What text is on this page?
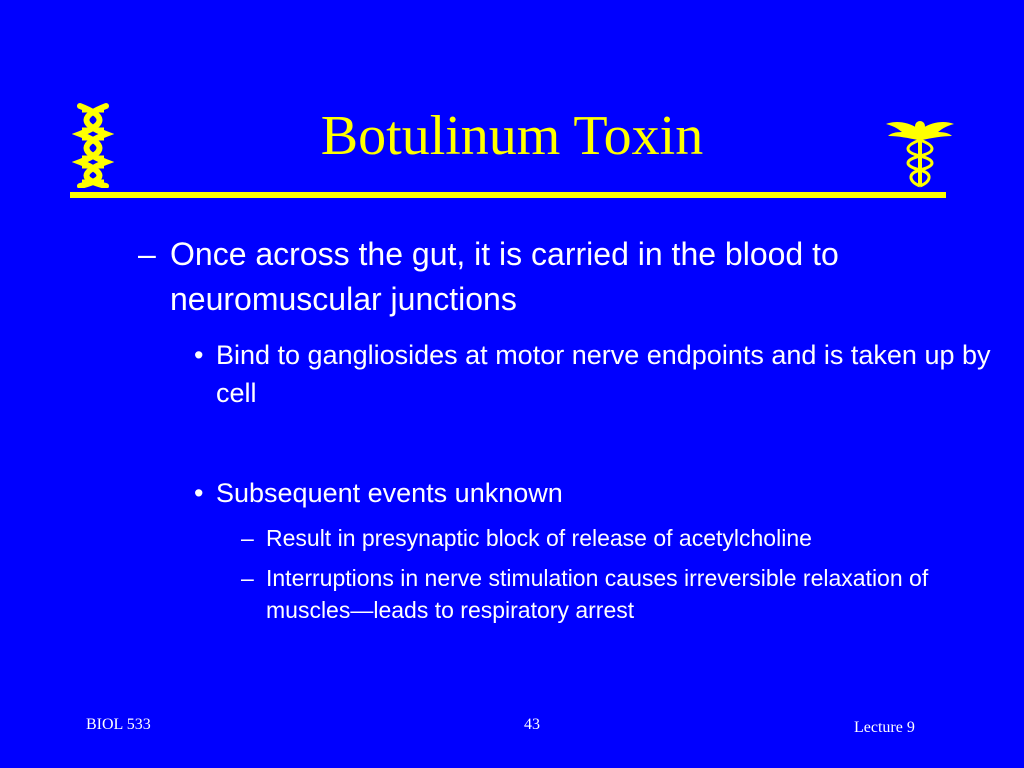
Botulinum Toxin
– Once across the gut, it is carried in the blood to neuromuscular junctions
• Bind to gangliosides at motor nerve endpoints and is taken up by cell
• Subsequent events unknown
– Result in presynaptic block of release of acetylcholine
– Interruptions in nerve stimulation causes irreversible relaxation of muscles—leads to respiratory arrest
BIOL 533	43	Lecture 9
